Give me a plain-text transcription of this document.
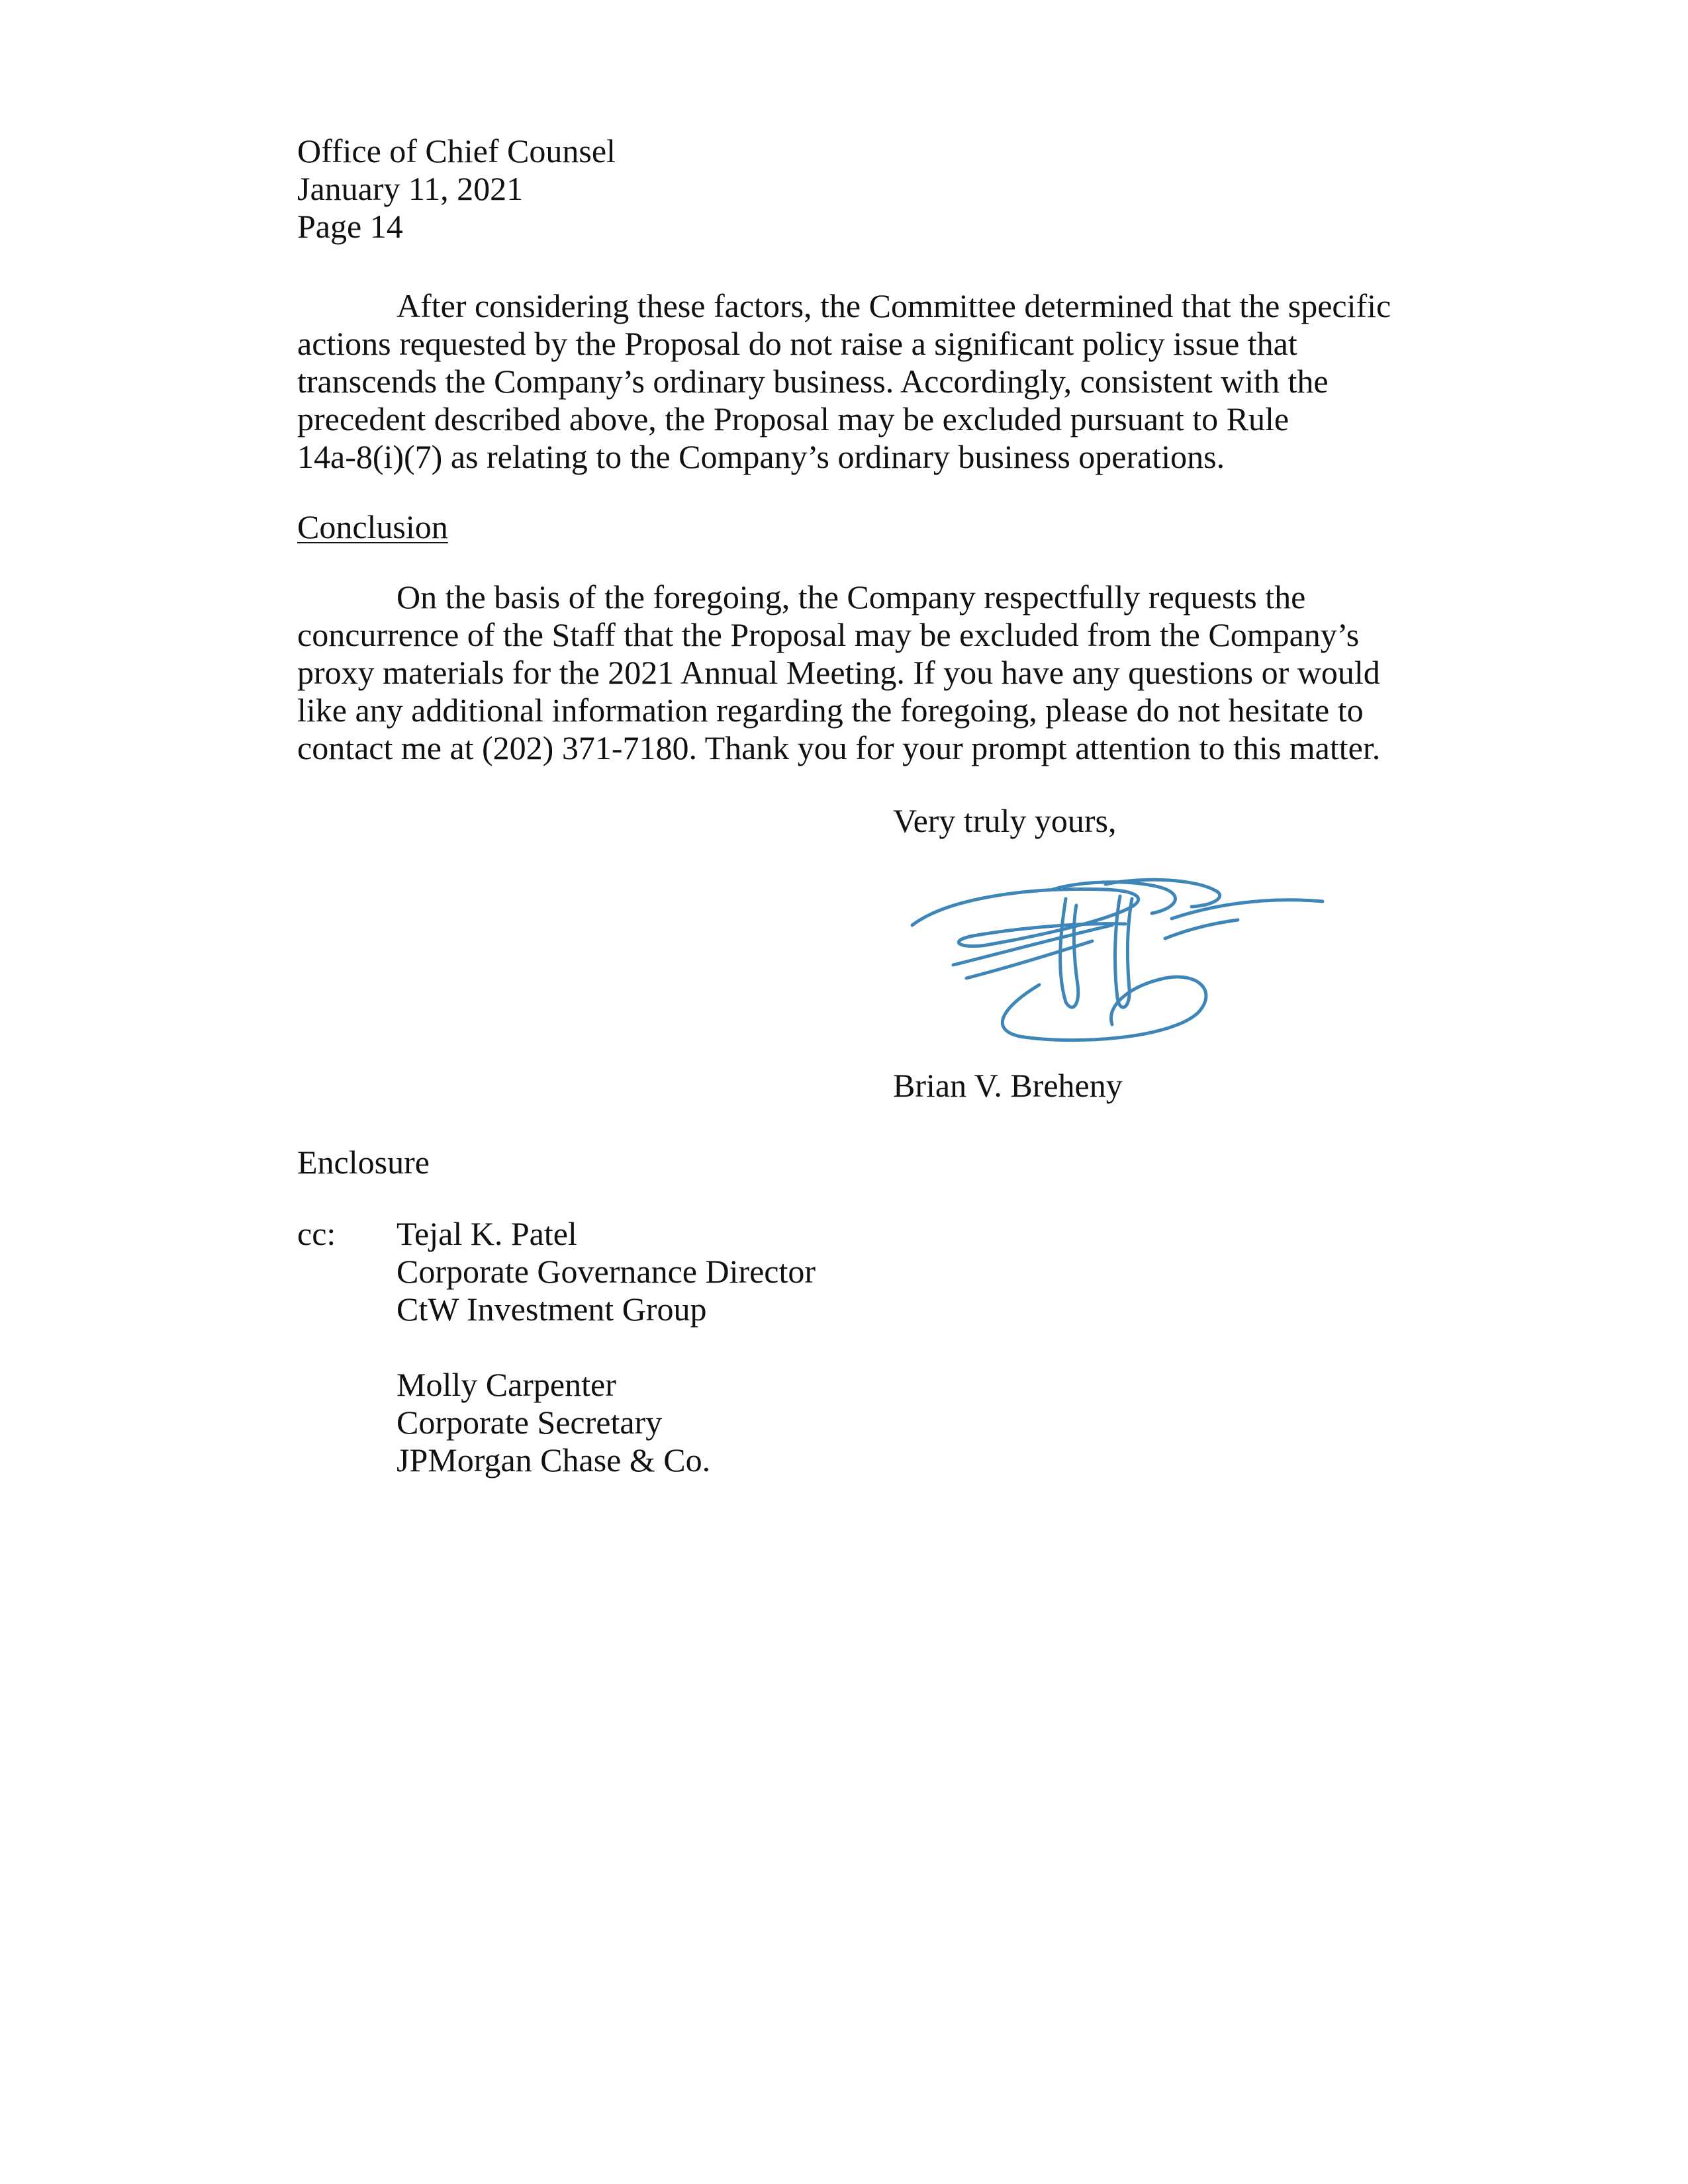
Office of Chief Counsel
January 11, 2021
Page 14
After considering these factors, the Committee determined that the specific
actions requested by the Proposal do not raise a significant policy issue that
transcends the Company’s ordinary business. Accordingly, consistent with the
precedent described above, the Proposal may be excluded pursuant to Rule
14a-8(i)(7) as relating to the Company’s ordinary business operations.
Conclusion
On the basis of the foregoing, the Company respectfully requests the
concurrence of the Staff that the Proposal may be excluded from the Company’s
proxy materials for the 2021 Annual Meeting. If you have any questions or would
like any additional information regarding the foregoing, please do not hesitate to
contact me at (202) 371-7180. Thank you for your prompt attention to this matter.
Very truly yours,
Brian V. Breheny
Enclosure
cc: Tejal K. Patel
Corporate Governance Director
CtW Investment Group
Molly Carpenter
Corporate Secretary
JPMorgan Chase & Co.
